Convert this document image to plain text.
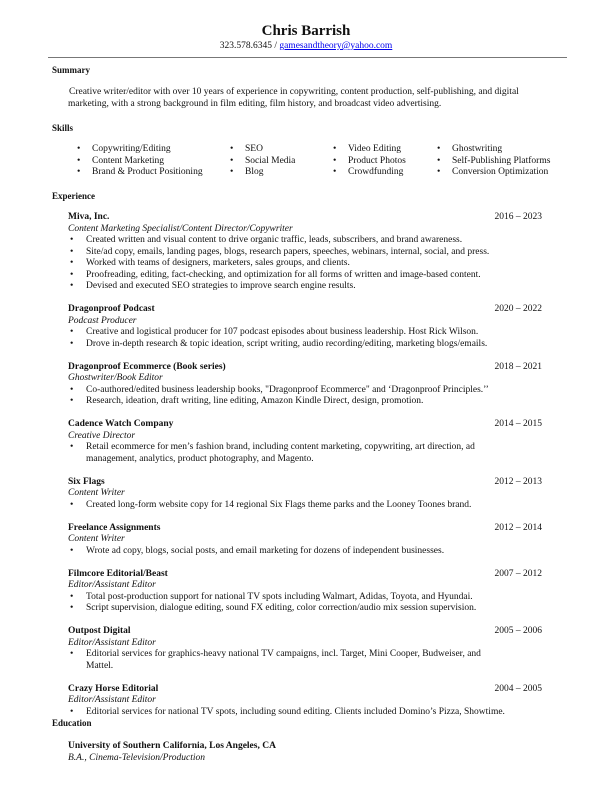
Chris Barrish
323.578.6345 / gamesandtheory@yahoo.com
Summary
Creative writer/editor with over 10 years of experience in copywriting, content production, self-publishing, and digital marketing, with a strong background in film editing, film history, and broadcast video advertising.
Skills
• Copywriting/Editing
• Content Marketing
• Brand & Product Positioning
• SEO
• Social Media
• Blog
• Video Editing
• Product Photos
• Crowdfunding
• Ghostwriting
• Self-Publishing Platforms
• Conversion Optimization
Experience
Miva, Inc.	2016 – 2023
Content Marketing Specialist/Content Director/Copywriter
• Created written and visual content to drive organic traffic, leads, subscribers, and brand awareness.
• Site/ad copy, emails, landing pages, blogs, research papers, speeches, webinars, internal, social, and press.
• Worked with teams of designers, marketers, sales groups, and clients.
• Proofreading, editing, fact-checking, and optimization for all forms of written and image-based content.
• Devised and executed SEO strategies to improve search engine results.
Dragonproof Podcast	2020 – 2022
Podcast Producer
• Creative and logistical producer for 107 podcast episodes about business leadership. Host Rick Wilson.
• Drove in-depth research & topic ideation, script writing, audio recording/editing, marketing blogs/emails.
Dragonproof Ecommerce (Book series)	2018 – 2021
Ghostwriter/Book Editor
• Co-authored/edited business leadership books, "Dragonproof Ecommerce" and ‘Dragonproof Principles.’’
• Research, ideation, draft writing, line editing, Amazon Kindle Direct, design, promotion.
Cadence Watch Company	2014 – 2015
Creative Director
• Retail ecommerce for men’s fashion brand, including content marketing, copywriting, art direction, ad management, analytics, product photography, and Magento.
Six Flags	2012 – 2013
Content Writer
• Created long-form website copy for 14 regional Six Flags theme parks and the Looney Toones brand.
Freelance Assignments	2012 – 2014
Content Writer
• Wrote ad copy, blogs, social posts, and email marketing for dozens of independent businesses.
Filmcore Editorial/Beast	2007 – 2012
Editor/Assistant Editor
• Total post-production support for national TV spots including Walmart, Adidas, Toyota, and Hyundai.
• Script supervision, dialogue editing, sound FX editing, color correction/audio mix session supervision.
Outpost Digital	2005 – 2006
Editor/Assistant Editor
• Editorial services for graphics-heavy national TV campaigns, incl. Target, Mini Cooper, Budweiser, and Mattel.
Crazy Horse Editorial	2004 – 2005
Editor/Assistant Editor
• Editorial services for national TV spots, including sound editing. Clients included Domino’s Pizza, Showtime.
Education
University of Southern California, Los Angeles, CA
B.A., Cinema-Television/Production
